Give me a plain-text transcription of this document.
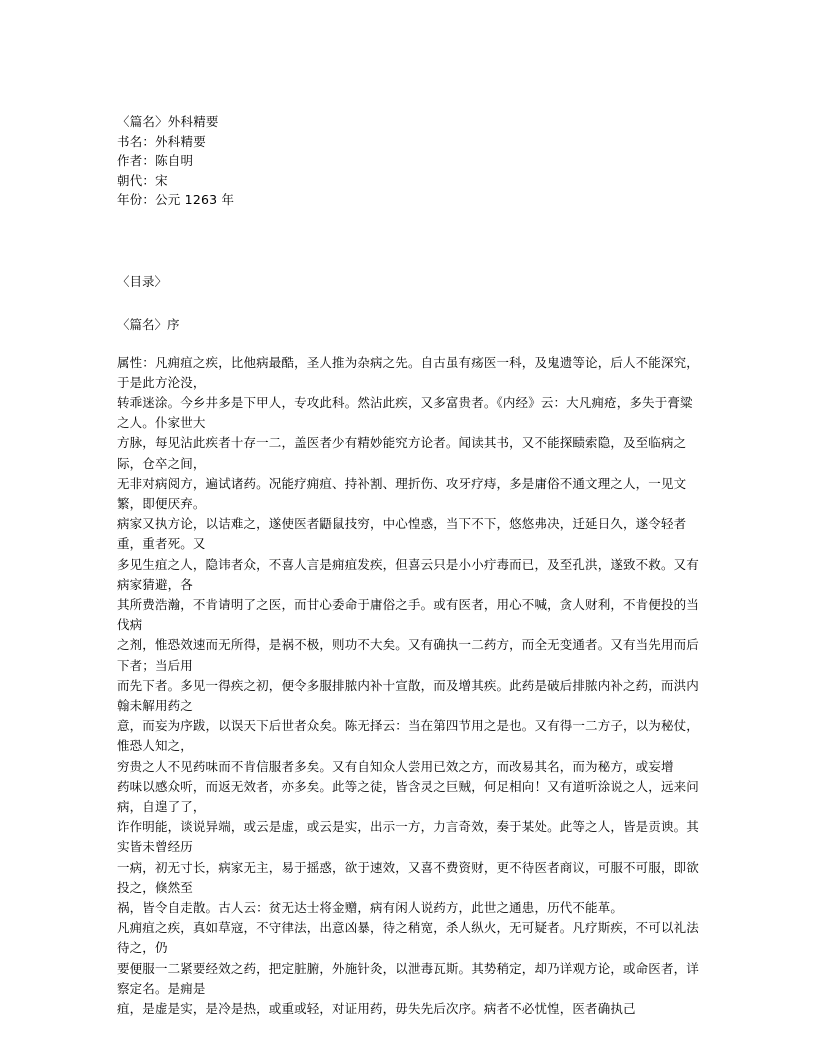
〈篇名〉外科精要
书名：外科精要
作者：陈自明
朝代：宋
年份：公元 1263 年
〈目录〉
〈篇名〉序

属性：凡痈疽之疾，比他病最酷，圣人推为杂病之先。自古虽有疡医一科，及鬼遗等论，后人不能深究，于是此方沦没，

转乖迷涂。今乡井多是下甲人，专攻此科。然沾此疾，又多富贵者。《内经》云：大凡痈疮，多失于膏粱之人。仆家世大

方脉，每见沾此疾者十存一二，盖医者少有精妙能究方论者。闻读其书，又不能探赜索隐，及至临病之际，仓卒之间，

无非对病阅方，遍试诸药。况能疗痈疽、持补割、理折伤、攻牙疗痔，多是庸俗不通文理之人，一见文繁，即便厌弃。

病家又执方论，以诘难之，遂使医者鼯鼠技穷，中心惶惑，当下不下，悠悠弗决，迁延日久，遂令轻者重，重者死。又

多见生疽之人，隐讳者众，不喜人言是痈疽发疾，但喜云只是小小疔毒而已，及至孔洪，遂致不救。又有病家猜避，各

其所费浩瀚，不肯请明了之医，而甘心委命于庸俗之手。或有医者，用心不喊，贪人财利，不肯便投的当伐病

之剂，惟恐效速而无所得，是祸不极，则功不大矣。又有确执一二药方，而全无变通者。又有当先用而后下者；当后用

而先下者。多见一得疾之初，便令多服排脓内补十宣散，而及增其疾。此药是破后排脓内补之药，而洪内翰未解用药之

意，而妄为序跋，以误天下后世者众矣。陈无择云：当在第四节用之是也。又有得一二方子，以为秘仗，惟恐人知之，

穷贵之人不见药味而不肯信服者多矣。又有自知众人尝用已效之方，而改易其名，而为秘方，或妄增

药味以感众听，而返无效者，亦多矣。此等之徒，皆含灵之巨贼，何足相向！又有道听涂说之人，远来问病，自遑了了，

诈作明能，谈说异端，或云是虚，或云是实，出示一方，力言奇效，奏于某处。此等之人，皆是贡谀。其实皆未曾经历

一病，初无寸长，病家无主，易于摇惑，欲于速效，又喜不费资财，更不待医者商议，可服不可服，即欲投之，倏然至

祸，皆令自走散。古人云：贫无达士将金赠，病有闲人说药方，此世之通患，历代不能革。

凡痈疽之疾，真如草寇，不守律法，出意凶暴，待之稍宽，杀人纵火，无可疑者。凡疗斯疾，不可以礼法待之，仍

要便服一二紧要经效之药，把定脏腑，外施针灸，以泄毒瓦斯。其势稍定，却乃详观方论，或命医者，详察定名。是痈是

疽，是虚是实，是冷是热，或重或轻，对证用药，毋失先后次序。病者不必忧惶，医者确执己
